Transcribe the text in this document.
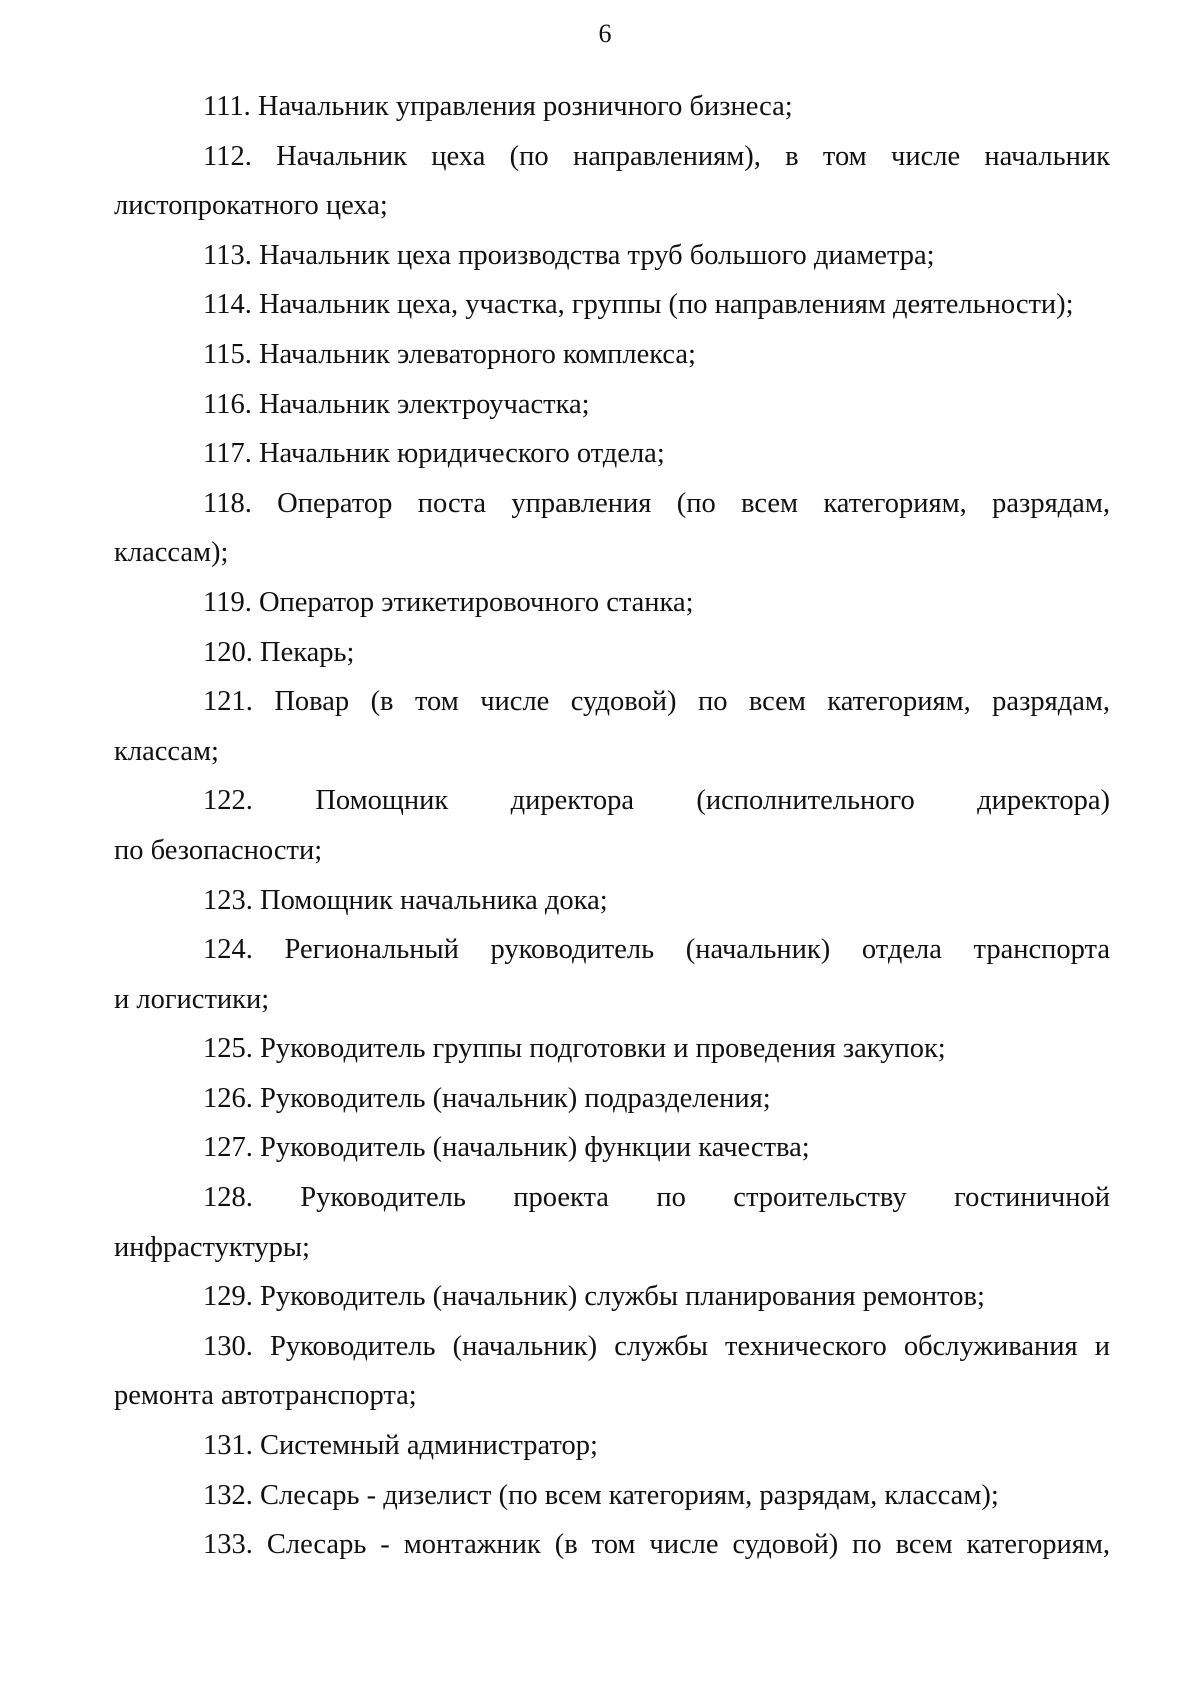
6

111. Начальник управления розничного бизнеса;

112. Начальник цеха (по направлениям), в том числе начальник
листопрокатного цеха;

113. Начальник цеха производства труб большого диаметра;

114. Начальник цеха, участка, группы (по направлениям деятельности);

115. Начальник элеваторного комплекса;

116. Начальник электроучастка;

117. Начальник юридического отдела;

118. Оператор поста управления (по всем категориям, разрядам,
классам);

119. Оператор этикетировочного станка;

120. Пекарь;

121. Повар (в том числе судовой) по всем категориям, разрядам,
классам;

122. Помощник директора (исполнительного директора)
по безопасности;

123. Помощник начальника дока;

124. Региональный руководитель (начальник) отдела транспорта
и логистики;

125. Руководитель группы подготовки и проведения закупок;

126. Руководитель (начальник) подразделения;

127. Руководитель (начальник) функции качества;

128. Руководитель проекта по строительству гостиничной
инфрастуктуры;

129. Руководитель (начальник) службы планирования ремонтов;

130. Руководитель (начальник) службы технического обслуживания и
ремонта автотранспорта;

131. Системный администратор;

132. Слесарь - дизелист (по всем категориям, разрядам, классам);

133. Слесарь - монтажник (в том числе судовой) по всем категориям,
